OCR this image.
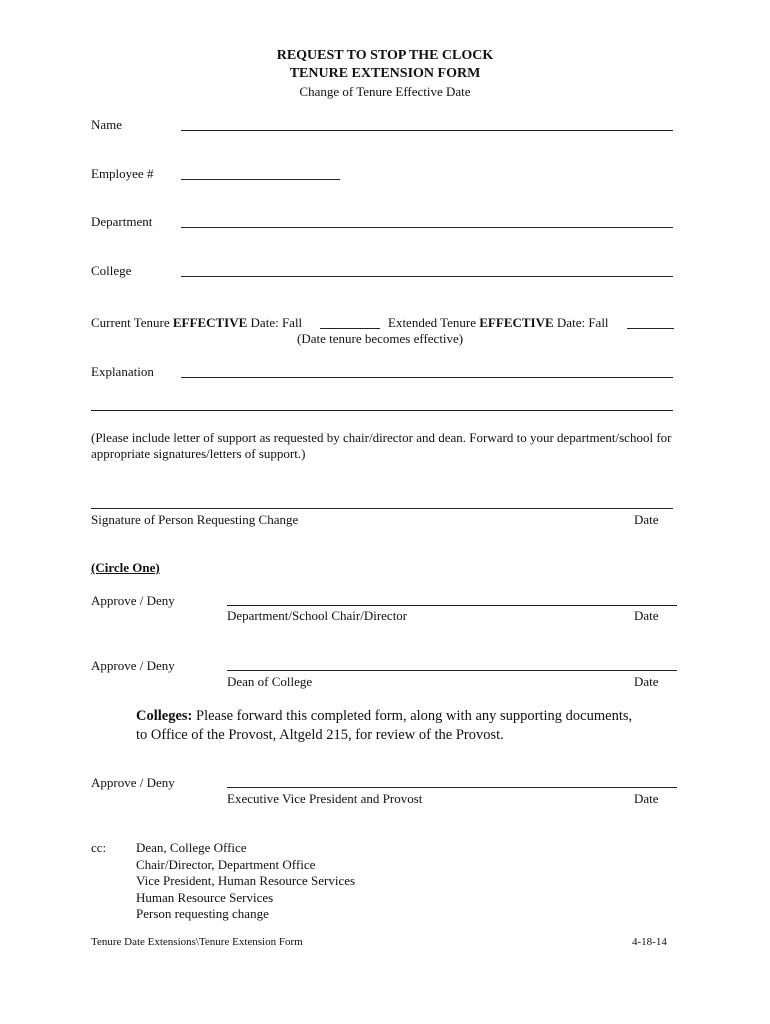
REQUEST TO STOP THE CLOCK
TENURE EXTENSION FORM
Change of Tenure Effective Date
Name
Employee #
Department
College
Current Tenure EFFECTIVE Date: Fall	Extended Tenure EFFECTIVE Date: Fall
(Date tenure becomes effective)
Explanation
(Please include letter of support as requested by chair/director and dean. Forward to your department/school for appropriate signatures/letters of support.)
Signature of Person Requesting Change	Date
(Circle One)
Approve / Deny
Department/School Chair/Director	Date
Approve / Deny
Dean of College	Date
Colleges: Please forward this completed form, along with any supporting documents,
to Office of the Provost, Altgeld 215, for review of the Provost.
Approve / Deny
Executive Vice President and Provost	Date
cc: Dean, College Office
Chair/Director, Department Office
Vice President, Human Resource Services
Human Resource Services
Person requesting change
Tenure Date Extensions\Tenure Extension Form	4-18-14
